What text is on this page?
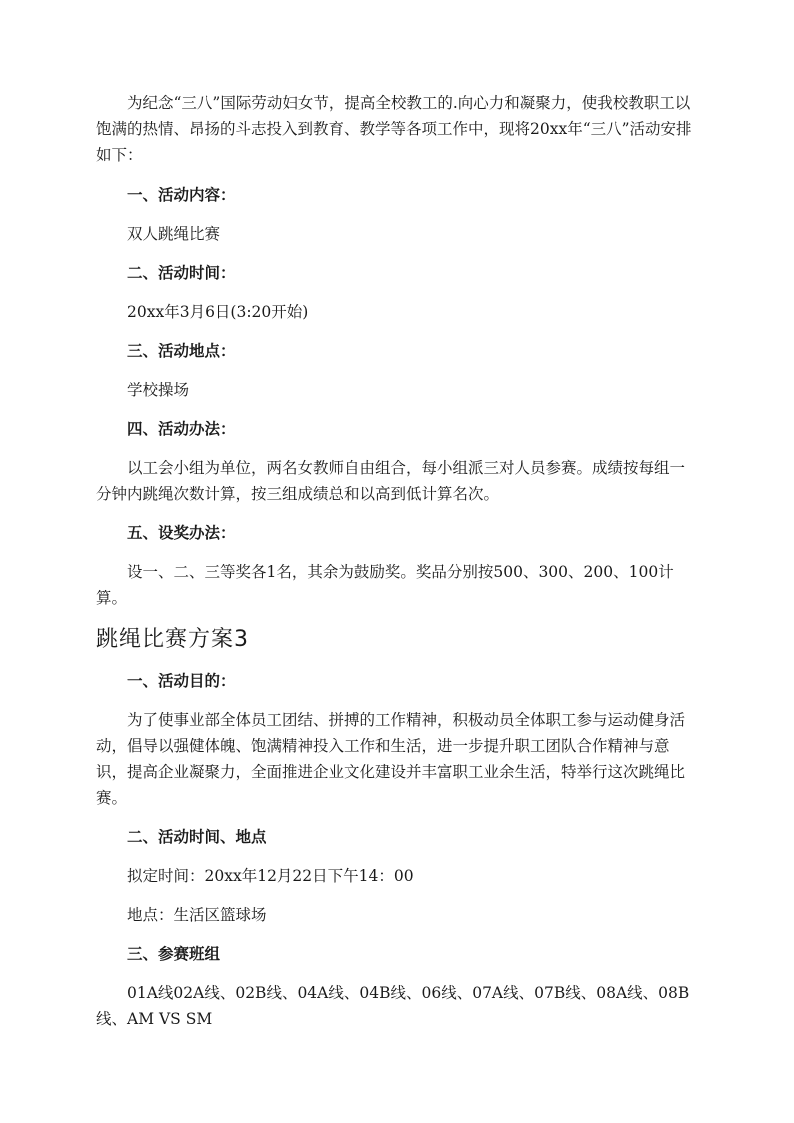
为纪念“三八”国际劳动妇女节，提高全校教工的.向心力和凝聚力，使我校教职工以饱满的热情、昂扬的斗志投入到教育、教学等各项工作中，现将20xx年“三八”活动安排如下：

一、活动内容：

双人跳绳比赛

二、活动时间：

20xx年3月6日(3:20开始)

三、活动地点：

学校操场

四、活动办法：

以工会小组为单位，两名女教师自由组合，每小组派三对人员参赛。成绩按每组一分钟内跳绳次数计算，按三组成绩总和以高到低计算名次。

五、设奖办法：

设一、二、三等奖各1名，其余为鼓励奖。奖品分别按500、300、200、100计算。

跳绳比赛方案3

一、活动目的：

为了使事业部全体员工团结、拼搏的工作精神，积极动员全体职工参与运动健身活动，倡导以强健体魄、饱满精神投入工作和生活，进一步提升职工团队合作精神与意识，提高企业凝聚力，全面推进企业文化建设并丰富职工业余生活，特举行这次跳绳比赛。

二、活动时间、地点

拟定时间：20xx年12月22日下午14：00

地点：生活区篮球场

三、参赛班组

01A线02A线、02B线、04A线、04B线、06线、07A线、07B线、08A线、08B线、AM VS SM
